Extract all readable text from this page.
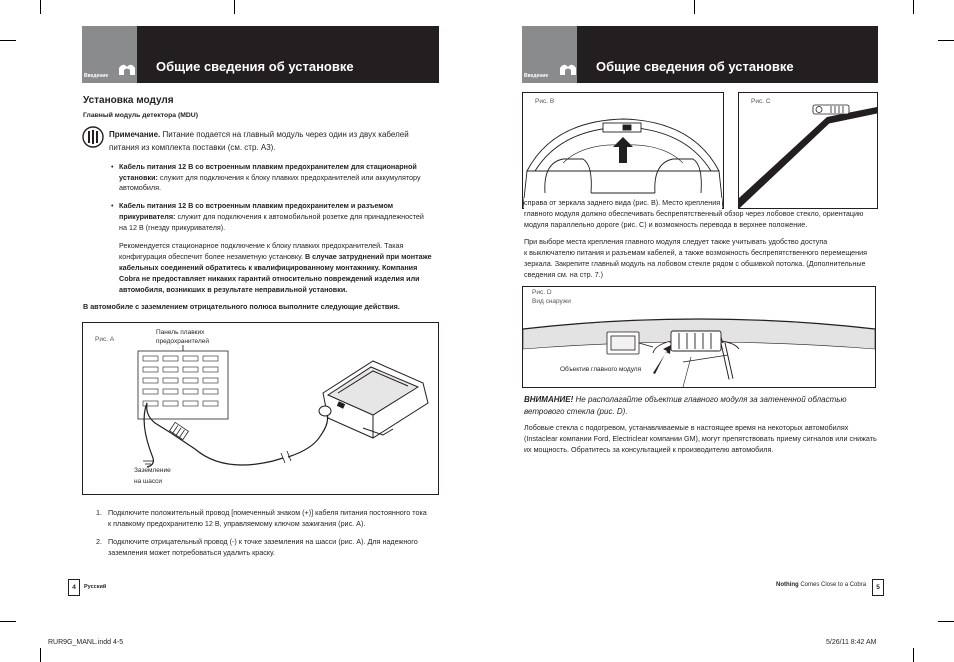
Введение
Общие сведения об установке
Установка модуля
Главный модуль детектора (MDU)
Примечание. Питание подается на главный модуль через один из двух кабелей
питания из комплекта поставки (см. стр. А3).
• Кабель питания 12 В со встроенным плавким предохранителем для стационарной
установки: служит для подключения к блоку плавких предохранителей или аккумулятору
автомобиля.
• Кабель питания 12 В со встроенным плавким предохранителем и разъемом
прикуривателя: служит для подключения к автомобильной розетке для принадлежностей
на 12 В (гнезду прикуривателя).
Рекомендуется стационарное подключение к блоку плавких предохранителей. Такая
конфигурация обеспечит более незаметную установку. В случае затруднений при монтаже
кабельных соединений обратитесь к квалифицированному монтажнику. Компания
Cobra не предоставляет никаких гарантий относительно повреждений изделия или
автомобиля, возникших в результате неправильной установки.
В автомобиле с заземлением отрицательного полюса выполните следующие действия.
Рис. A
Панель плавких
предохранителей
Заземление
на шасси
1. Подключите положительный провод [помеченный знаком (+)] кабеля питания постоянного тока
к плавкому предохранителю 12 В, управляемому ключом зажигания (рис. A).
2. Подключите отрицательный провод (-) к точке заземления на шасси (рис. A). Для надежного
заземления может потребоваться удалить краску.
4	Русский
Введение
Общие сведения об установке
Рис. B	Рис. C
справа от зеркала заднего вида (рис. B). Место крепления
главного модуля должно обеспечивать беспрепятственный обзор через лобовое стекло, ориентацию
модуля параллельно дороге (рис. C) и возможность перевода в верхнее положение.
При выборе места крепления главного модуля следует также учитывать удобство доступа
к выключателю питания и разъемам кабелей, а также возможность беспрепятственного перемещения
зеркала. Закрепите главный модуль на лобовом стекле рядом с обшивкой потолка. (Дополнительные
сведения см. на стр. 7.)
Рис. D
Вид снаружи
Объектив главного модуля
ВНИМАНИЕ! Не располагайте объектив главного модуля за затененной областью
ветрового стекла (рис. D).
Лобовые стекла с подогревом, устанавливаемые в настоящее время на некоторых автомобилях
(Instaclear компании Ford, Electriclear компании GM), могут препятствовать приему сигналов или снижать
их мощность. Обратитесь за консультацией к производителю автомобиля.
Nothing Comes Close to a Cobra	5
RUR9G_MANL.indd 4-5	5/26/11 8:42 AM
